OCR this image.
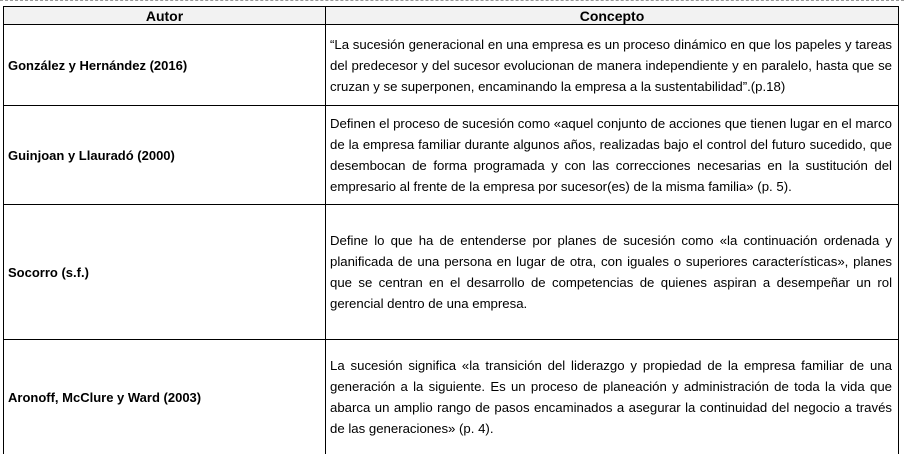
Autor	Concepto
González y Hernández (2016)	“La sucesión generacional en una empresa es un proceso dinámico en que los papeles y tareas del predecesor y del sucesor evolucionan de manera independiente y en paralelo, hasta que se cruzan y se superponen, encaminando la empresa a la sustentabilidad”.(p.18)
Guinjoan y Llauradó (2000)	Definen el proceso de sucesión como «aquel conjunto de acciones que tienen lugar en el marco de la empresa familiar durante algunos años, realizadas bajo el control del futuro sucedido, que desembocan de forma programada y con las correcciones necesarias en la sustitución del empresario al frente de la empresa por sucesor(es) de la misma familia» (p. 5).
Socorro (s.f.)	Define lo que ha de entenderse por planes de sucesión como «la continuación ordenada y planificada de una persona en lugar de otra, con iguales o superiores características», planes que se centran en el desarrollo de competencias de quienes aspiran a desempeñar un rol gerencial dentro de una empresa.
Aronoff, McClure y Ward (2003)	La sucesión significa «la transición del liderazgo y propiedad de la empresa familiar de una generación a la siguiente. Es un proceso de planeación y administración de toda la vida que abarca un amplio rango de pasos encaminados a asegurar la continuidad del negocio a través de las generaciones» (p. 4).
